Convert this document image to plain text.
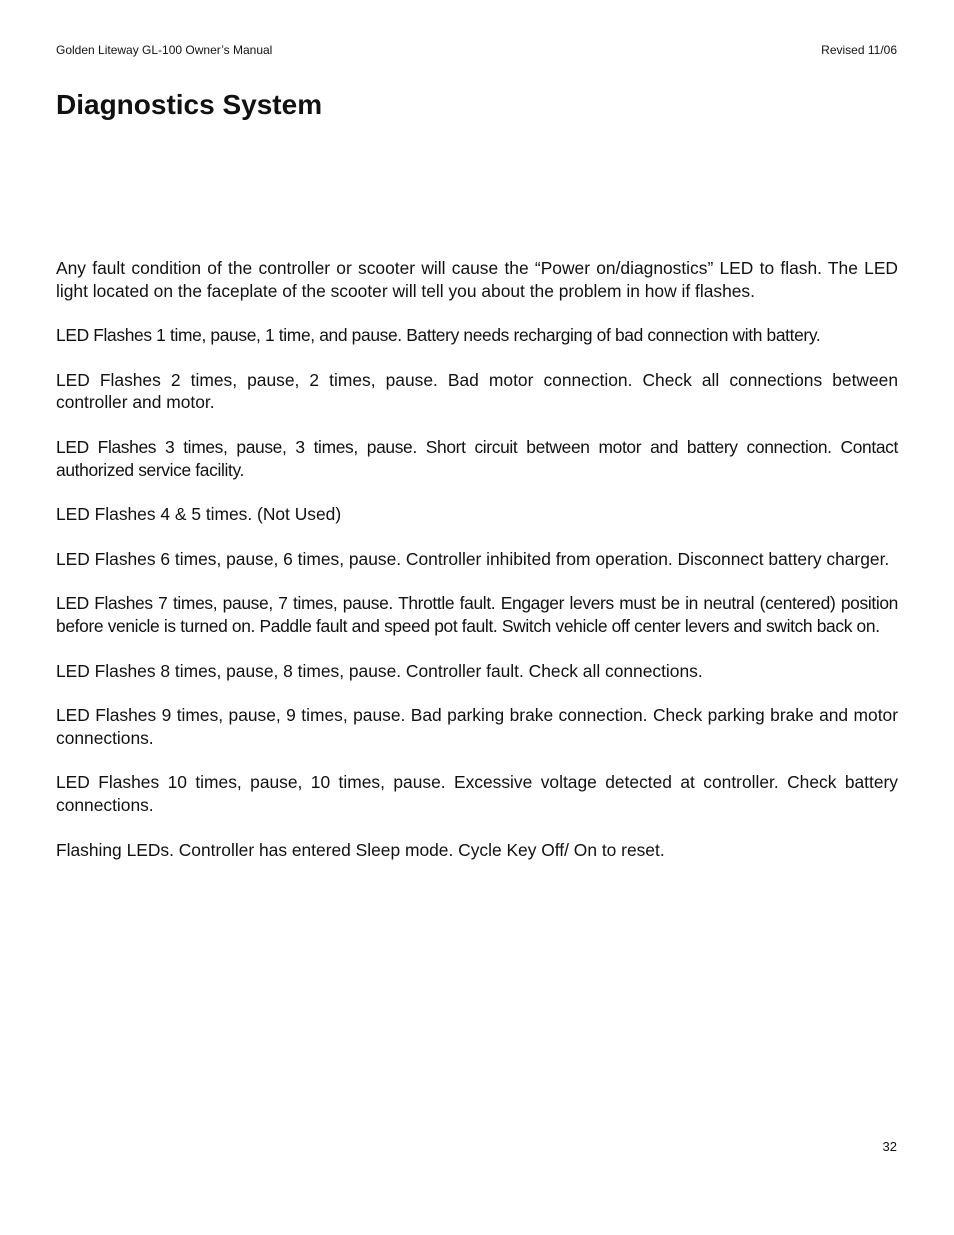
Golden Liteway GL-100 Owner’s Manual	Revised 11/06
Diagnostics System

Any fault condition of the controller or scooter will cause the “Power on/diagnostics” LED to flash. The LED light located on the faceplate of the scooter will tell you about the problem in how if flashes.

LED Flashes 1 time, pause, 1 time, and pause. Battery needs recharging of bad connection with battery.

LED Flashes 2 times, pause, 2 times, pause. Bad motor connection. Check all connections between controller and motor.

LED Flashes 3 times, pause, 3 times, pause. Short circuit between motor and battery connection. Contact authorized service facility.

LED Flashes 4 & 5 times. (Not Used)

LED Flashes 6 times, pause, 6 times, pause. Controller inhibited from operation. Disconnect battery charger.

LED Flashes 7 times, pause, 7 times, pause. Throttle fault. Engager levers must be in neutral (centered) position before venicle is turned on. Paddle fault and speed pot fault. Switch vehicle off center levers and switch back on.

LED Flashes 8 times, pause, 8 times, pause. Controller fault. Check all connections.

LED Flashes 9 times, pause, 9 times, pause. Bad parking brake connection. Check parking brake and motor connections.

LED Flashes 10 times, pause, 10 times, pause. Excessive voltage detected at controller. Check battery connections.

Flashing LEDs. Controller has entered Sleep mode. Cycle Key Off/ On to reset.

32
